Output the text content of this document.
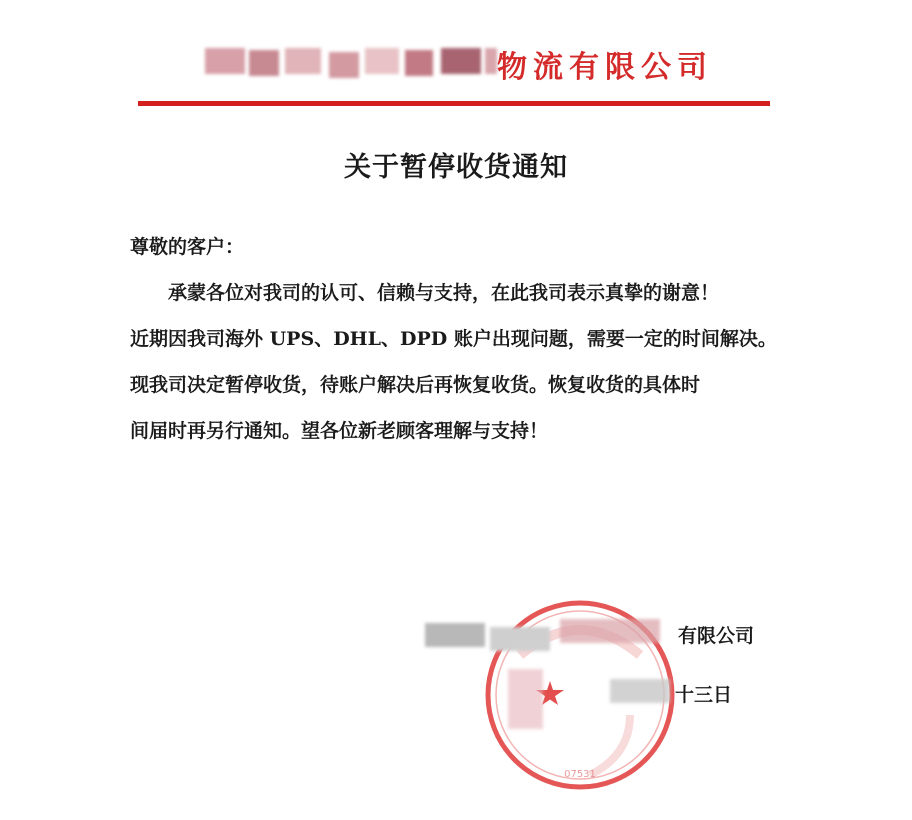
物流有限公司
关于暂停收货通知
尊敬的客户：

承蒙各位对我司的认可、信赖与支持，在此我司表示真挚的谢意！

近期因我司海外 UPS、DHL、DPD 账户出现问题，需要一定的时间解决。

现我司决定暂停收货，待账户解决后再恢复收货。恢复收货的具体时

间届时再另行通知。望各位新老顾客理解与支持！

07531
有限公司
十三日
